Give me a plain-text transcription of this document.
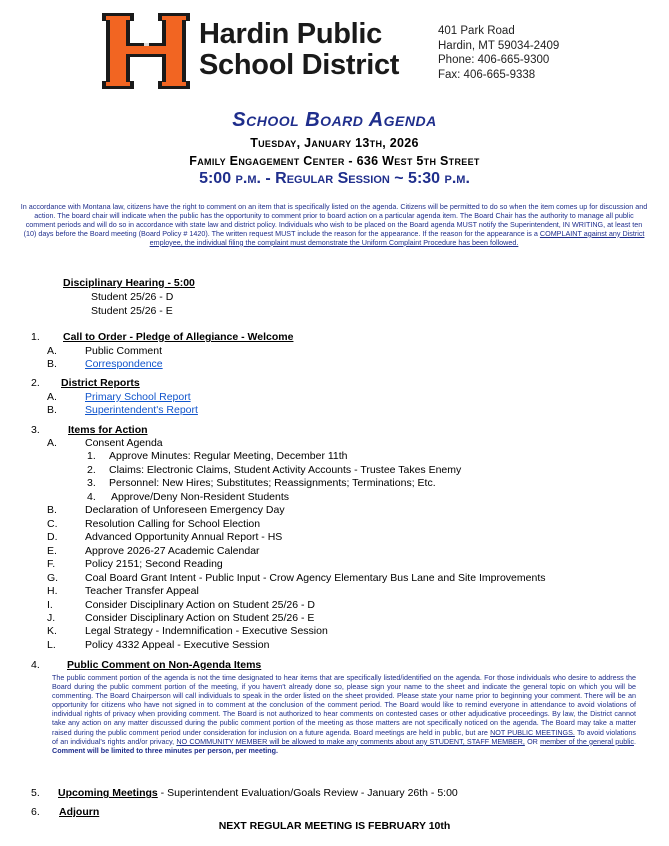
Hardin Public
School District
401 Park Road
Hardin, MT 59034-2409
Phone: 406-665-9300
Fax: 406-665-9338
School Board Agenda
Tuesday, January 13th, 2026
Family Engagement Center - 636 West 5th Street
5:00 p.m. - Regular Session ~ 5:30 p.m.
In accordance with Montana law, citizens have the right to comment on an item that is specifically listed on the agenda. Citizens will be permitted to do so when the item comes up for discussion and action. The board chair will indicate when the public has the opportunity to comment prior to board action on a particular agenda item. The Board Chair has the authority to manage all public comment periods and will do so in accordance with state law and district policy. Individuals who wish to be placed on the Board agenda MUST notify the Superintendent, IN WRITING, at least ten (10) days before the Board meeting (Board Policy # 1420). The written request MUST include the reason for the appearance. If the reason for the appearance is a COMPLAINT against any District employee, the individual filing the complaint must demonstrate the Uniform Complaint Procedure has been followed.
Disciplinary Hearing - 5:00
Student 25/26 - D
Student 25/26 - E
1. Call to Order - Pledge of Allegiance - Welcome
A.	Public Comment
B.	Correspondence
2. District Reports
A.	Primary School Report
B.	Superintendent's Report
3.	Items for Action
A.	Consent Agenda
1. Approve Minutes: Regular Meeting, December 11th
2. Claims: Electronic Claims, Student Activity Accounts - Trustee Takes Enemy
3. Personnel: New Hires; Substitutes; Reassignments; Terminations; Etc.
4. Approve/Deny Non-Resident Students
B.	Declaration of Unforeseen Emergency Day
C.	Resolution Calling for School Election
D.	Advanced Opportunity Annual Report - HS
E.	Approve 2026-27 Academic Calendar
F.	Policy 2151; Second Reading
G.	Coal Board Grant Intent - Public Input - Crow Agency Elementary Bus Lane and Site Improvements
H.	Teacher Transfer Appeal
I.	Consider Disciplinary Action on Student 25/26 - D
J.	Consider Disciplinary Action on Student 25/26 - E
K.	Legal Strategy - Indemnification - Executive Session
L.	Policy 4332 Appeal - Executive Session
4.	Public Comment on Non-Agenda Items
The public comment portion of the agenda is not the time designated to hear items that are specifically listed/identified on the agenda. For those individuals who desire to address the Board during the public comment portion of the meeting, if you haven't already done so, please sign your name to the sheet and indicate the general topic on which you will be commenting. The Board Chairperson will call individuals to speak in the order listed on the sheet provided. Please state your name prior to beginning your comment. There will be an opportunity for citizens who have not signed in to comment at the conclusion of the comment period. The Board would like to remind everyone in attendance to avoid violations of individual rights of privacy when providing comment. The Board is not authorized to hear comments on contested cases or other adjudicative proceedings. By law, the District cannot take any action on any matter discussed during the public comment portion of the meeting as those matters are not specifically noticed on the agenda. The Board may take a matter raised during the public comment period under consideration for inclusion on a future agenda. Board meetings are held in public, but are NOT PUBLIC MEETINGS. To avoid violations of an individual's rights and/or privacy, NO COMMUNITY MEMBER will be allowed to make any comments about any STUDENT, STAFF MEMBER, OR member of the general public. Comment will be limited to three minutes per person, per meeting.
5. Upcoming Meetings - Superintendent Evaluation/Goals Review - January 26th - 5:00
6. Adjourn
NEXT REGULAR MEETING IS FEBRUARY 10th
